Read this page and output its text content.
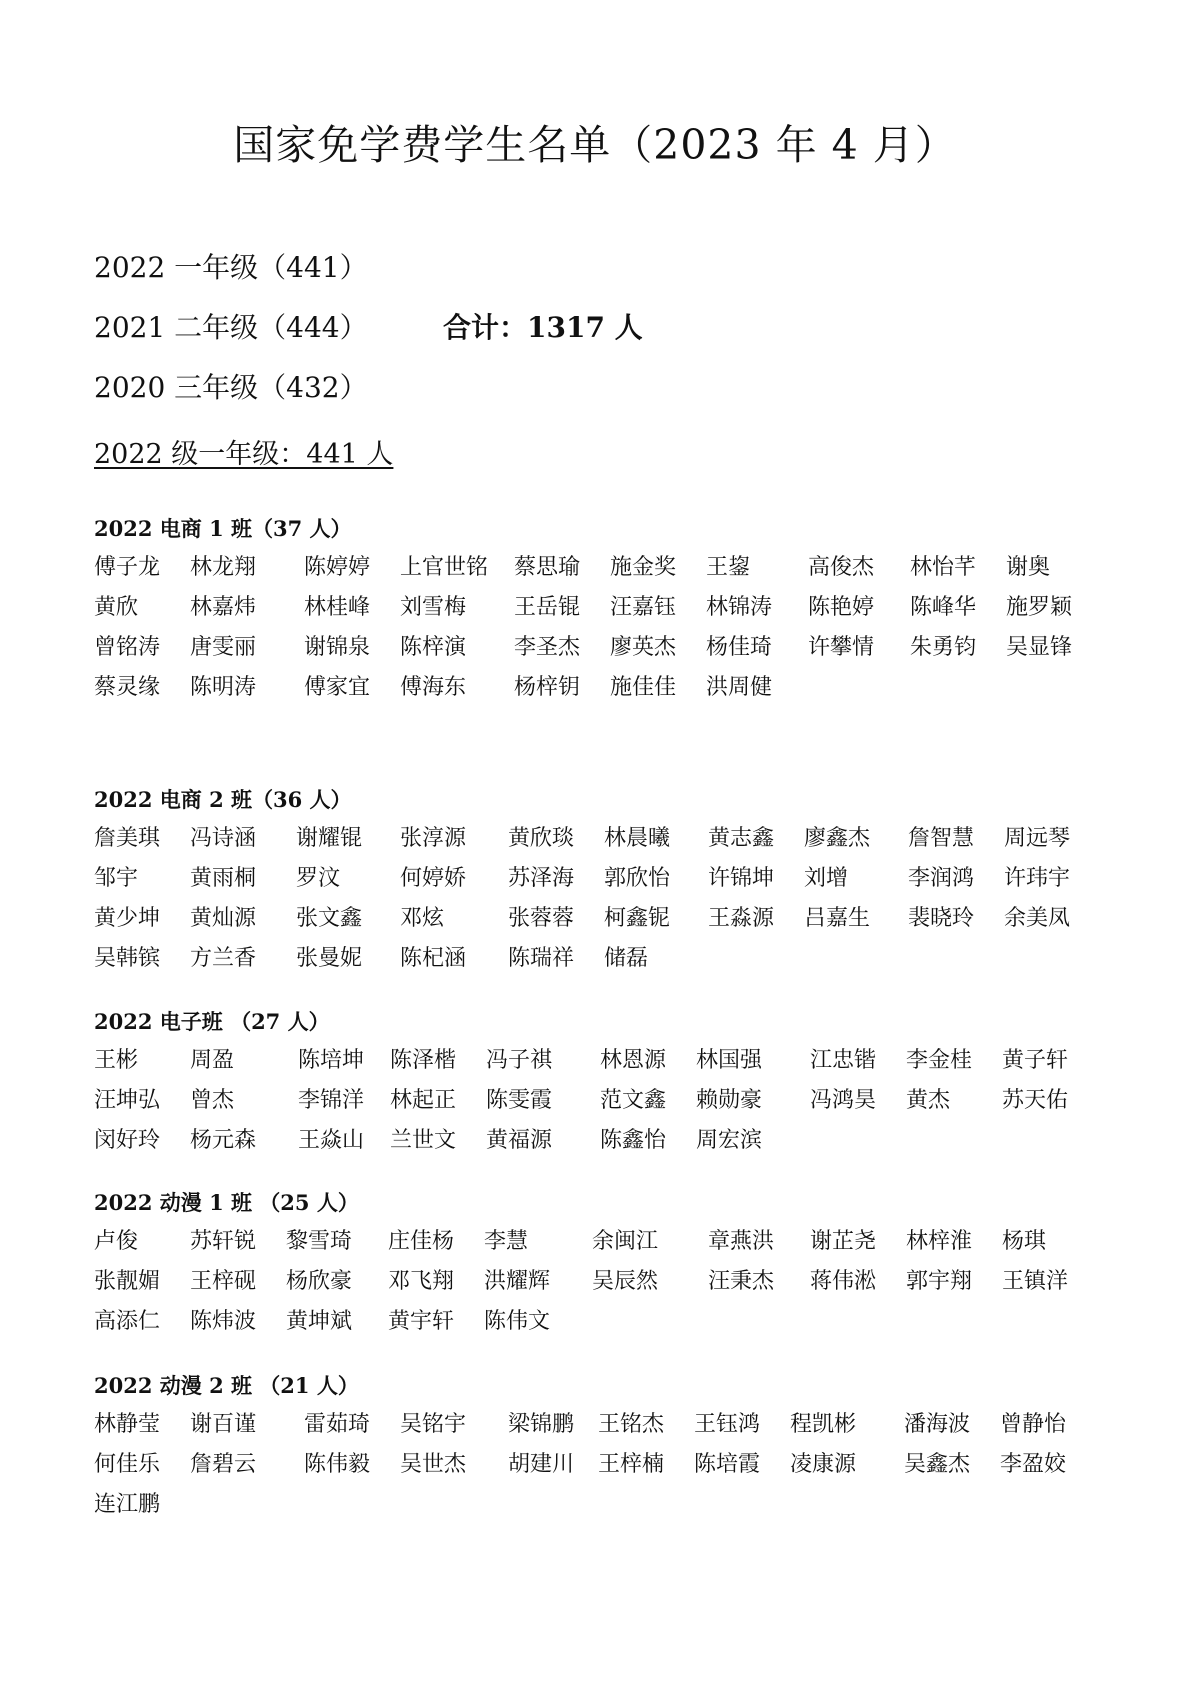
国家免学费学生名单（2023 年 4 月）
2022 一年级（441）
2021 二年级（444）	合计：1317 人
2020 三年级（432）
2022 级一年级：441 人
2022 电商 1 班（37 人）
傅子龙	林龙翔	陈婷婷	上官世铭	蔡思瑜	施金奖	王鋆	高俊杰	林怡芊	谢奥
黄欣	林嘉炜	林桂峰	刘雪梅	王岳锟	汪嘉钰	林锦涛	陈艳婷	陈峰华	施罗颖
曾铭涛	唐雯丽	谢锦泉	陈梓演	李圣杰	廖英杰	杨佳琦	许攀情	朱勇钧	吴显锋
蔡灵缘	陈明涛	傅家宜	傅海东	杨梓钥	施佳佳	洪周健
2022 电商 2 班（36 人）
詹美琪	冯诗涵	谢耀锟	张淳源	黄欣琰	林晨曦	黄志鑫	廖鑫杰	詹智慧	周远琴
邹宇	黄雨桐	罗汶	何婷娇	苏泽海	郭欣怡	许锦坤	刘增	李润鸿	许玮宇
黄少坤	黄灿源	张文鑫	邓炫	张蓉蓉	柯鑫铌	王淼源	吕嘉生	裴晓玲	余美凤
吴韩镔	方兰香	张曼妮	陈杞涵	陈瑞祥	储磊
2022 电子班 （27 人）
王彬	周盈	陈培坤	陈泽楷	冯子祺	林恩源	林国强	江忠锴	李金桂	黄子轩
汪坤弘	曾杰	李锦洋	林起正	陈雯霞	范文鑫	赖勋豪	冯鸿昊	黄杰	苏天佑
闵好玲	杨元森	王焱山	兰世文	黄福源	陈鑫怡	周宏滨
2022 动漫 1 班 （25 人）
卢俊	苏轩锐	黎雪琦	庄佳杨	李慧	余闽江	章燕洪	谢芷尧	林梓淮	杨琪
张靓媚	王梓砚	杨欣豪	邓飞翔	洪耀辉	吴辰然	汪秉杰	蒋伟淞	郭宇翔	王镇洋
高添仁	陈炜波	黄坤斌	黄宇轩	陈伟文
2022 动漫 2 班 （21 人）
林静莹	谢百谨	雷茹琦	吴铭宇	梁锦鹏	王铭杰	王钰鸿	程凯彬	潘海波	曾静怡
何佳乐	詹碧云	陈伟毅	吴世杰	胡建川	王梓楠	陈培霞	凌康源	吴鑫杰	李盈姣
连江鹏
